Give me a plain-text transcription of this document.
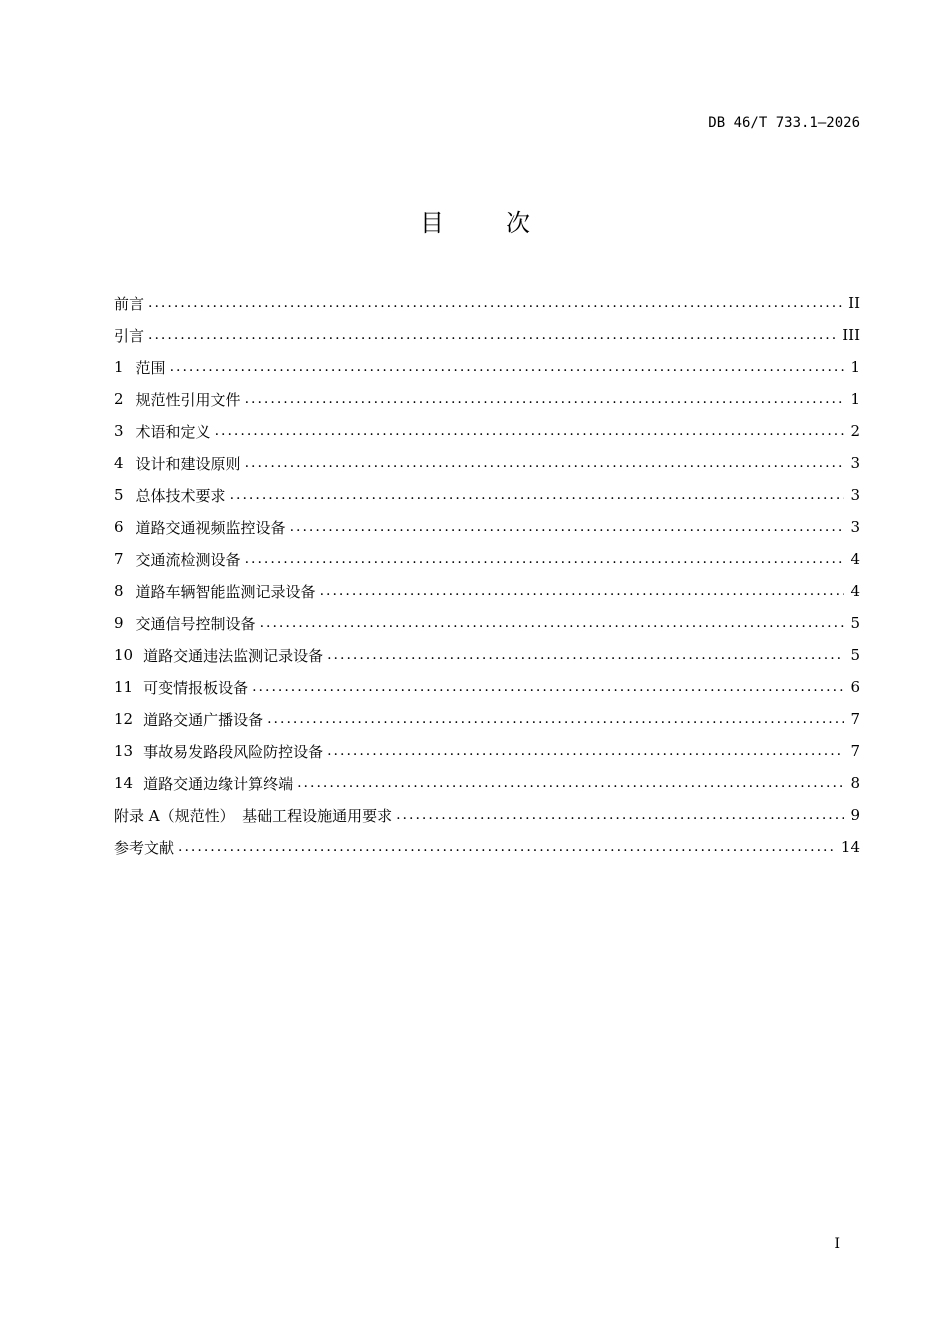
DB 46/T 733.1—2026
目	次
前言 .....	II
引言 .....	III
1 范围 .....	1
2 规范性引用文件 .....	1
3 术语和定义 .....	2
4 设计和建设原则 .....	3
5 总体技术要求 .....	3
6 道路交通视频监控设备 .....	3
7 交通流检测设备 .....	4
8 道路车辆智能监测记录设备 .....	4
9 交通信号控制设备 .....	5
10 道路交通违法监测记录设备 .....	5
11 可变情报板设备 .....	6
12 道路交通广播设备 .....	7
13 事故易发路段风险防控设备 .....	7
14 道路交通边缘计算终端 .....	8
附录 A（规范性）　基础工程设施通用要求 .....	9
参考文献 .....	14
I
